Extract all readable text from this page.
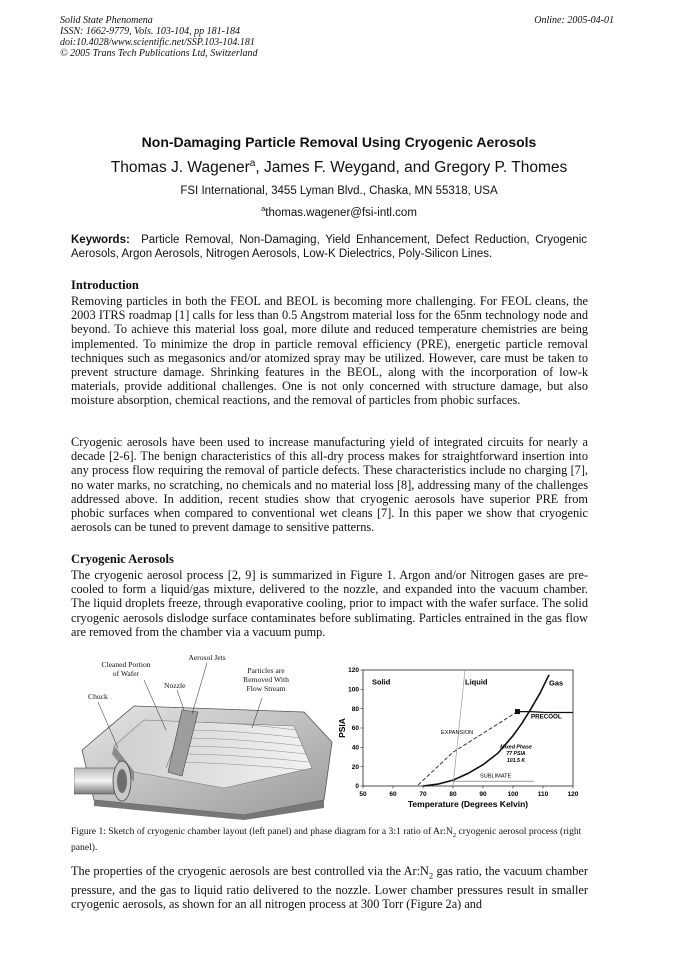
Solid State Phenomena
ISSN: 1662-9779, Vols. 103-104, pp 181-184
doi:10.4028/www.scientific.net/SSP.103-104.181
© 2005 Trans Tech Publications Ltd, Switzerland
Online: 2005-04-01
Non-Damaging Particle Removal Using Cryogenic Aerosols
Thomas J. Wagener$^a$, James F. Weygand, and Gregory P. Thomes
FSI International, 3455 Lyman Blvd., Chaska, MN 55318, USA
$^a$thomas.wagener@fsi-intl.com
Keywords: Particle Removal, Non-Damaging, Yield Enhancement, Defect Reduction, Cryogenic Aerosols, Argon Aerosols, Nitrogen Aerosols, Low-K Dielectrics, Poly-Silicon Lines.
Introduction
Removing particles in both the FEOL and BEOL is becoming more challenging. For FEOL cleans, the 2003 ITRS roadmap [1] calls for less than 0.5 Angstrom material loss for the 65nm technology node and beyond. To achieve this material loss goal, more dilute and reduced temperature chemistries are being implemented. To minimize the drop in particle removal efficiency (PRE), energetic particle removal techniques such as megasonics and/or atomized spray may be utilized. However, care must be taken to prevent structure damage. Shrinking features in the BEOL, along with the incorporation of low-k materials, provide additional challenges. One is not only concerned with structure damage, but also moisture absorption, chemical reactions, and the removal of particles from phobic surfaces.
Cryogenic aerosols have been used to increase manufacturing yield of integrated circuits for nearly a decade [2-6]. The benign characteristics of this all-dry process makes for straightforward insertion into any process flow requiring the removal of particle defects. These characteristics include no charging [7], no water marks, no scratching, no chemicals and no material loss [8], addressing many of the challenges addressed above. In addition, recent studies show that cryogenic aerosols have superior PRE from phobic surfaces when compared to conventional wet cleans [7]. In this paper we show that cryogenic aerosols can be tuned to prevent damage to sensitive patterns.
Cryogenic Aerosols
The cryogenic aerosol process [2, 9] is summarized in Figure 1. Argon and/or Nitrogen gases are pre-cooled to form a liquid/gas mixture, delivered to the nozzle, and expanded into the vacuum chamber. The liquid droplets freeze, through evaporative cooling, prior to impact with the wafer surface. The solid cryogenic aerosols dislodge surface contaminates before sublimating. Particles entrained in the gas flow are removed from the chamber via a vacuum pump.
Cleaned Portion
of Wafer
Aerosol Jets
Particles are
Removed With
Flow Stream
Chuck
Nozzle
50	60	70	80	90	100	110	120
0
20
40
60
80
100
120
Temperature (Degrees Kelvin)
PSIA
Solid	Liquid	Gas
PRECOOL
EXPANSION
Mixed Phase
77 PSIA
101.5 K
SUBLIMATE
Figure 1: Sketch of cryogenic chamber layout (left panel) and phase diagram for a 3:1 ratio of $Ar:N_2$ cryogenic aerosol process (right panel).
The properties of the cryogenic aerosols are best controlled via the $Ar:N_2$ gas ratio, the vacuum chamber pressure, and the gas to liquid ratio delivered to the nozzle. Lower chamber pressures result in smaller cryogenic aerosols, as shown for an all nitrogen process at 300 Torr (Figure 2a) and
